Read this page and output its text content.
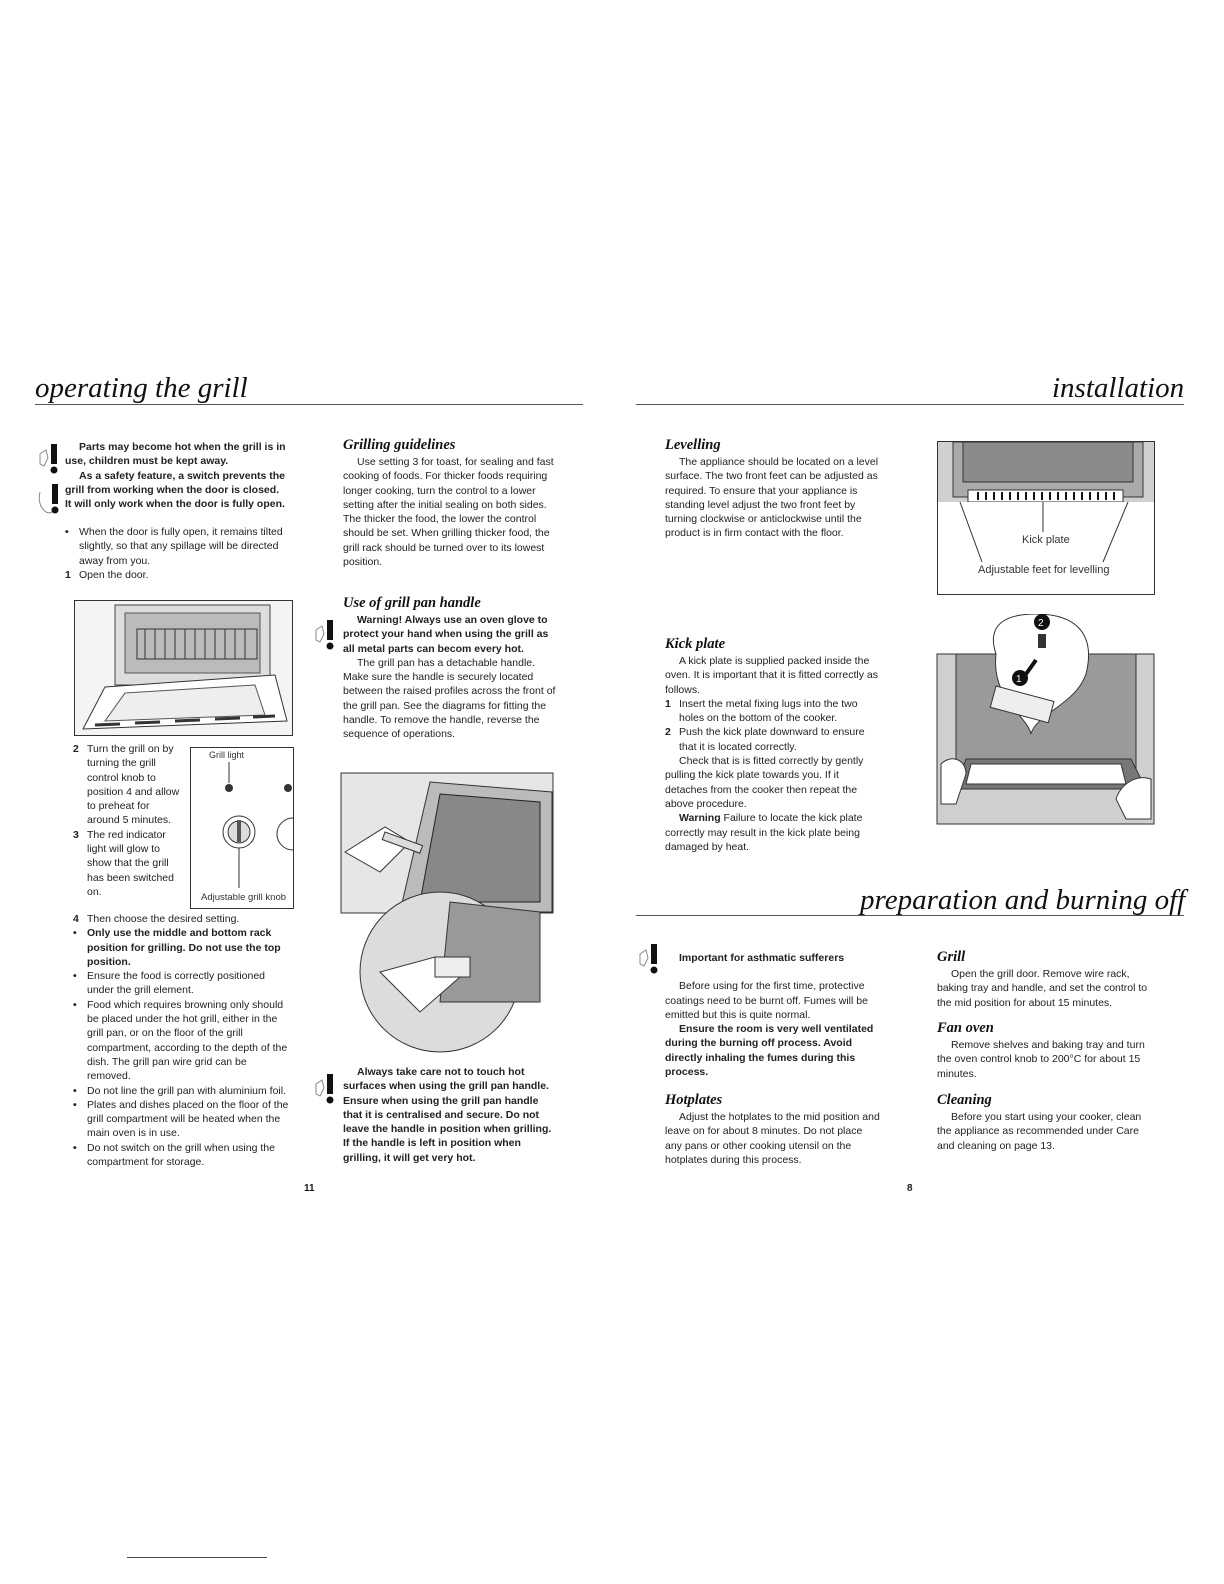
operating the grill

Parts may become hot when the grill is in use, children must be kept away.

As a safety feature, a switch prevents the grill from working when the door is closed.

It will only work when the door is fully open.

• When the door is fully open, it remains tilted slightly, so that any spillage will be directed away from you.
1 Open the door.
2 Turn the grill on by turning the grill control knob to position 4 and allow to preheat for around 5 minutes.
3 The red indicator light will glow to show that the grill has been switched on.
Grill light
Adjustable grill knob
4 Then choose the desired setting.
• Only use the middle and bottom rack position for grilling. Do not use the top position.
• Ensure the food is correctly positioned under the grill element.
• Food which requires browning only should be placed under the hot grill, either in the grill pan, or on the floor of the grill compartment, according to the depth of the dish. The grill pan wire grid can be removed.
• Do not line the grill pan with aluminium foil.
• Plates and dishes placed on the floor of the grill compartment will be heated when the main oven is in use.
• Do not switch on the grill when using the compartment for storage.
11
Grilling guidelines

Use setting 3 for toast, for sealing and fast cooking of foods. For thicker foods requiring longer cooking, turn the control to a lower setting after the initial sealing on both sides. The thicker the food, the lower the control should be set. When grilling thicker food, the grill rack should be turned over to its lowest position.

Use of grill pan handle

Warning! Always use an oven glove to protect your hand when using the grill as all metal parts can becom every hot.

The grill pan has a detachable handle. Make sure the handle is securely located between the raised profiles across the front of the grill pan. See the diagrams for fitting the handle. To remove the handle, reverse the sequence of operations.

Always take care not to touch hot surfaces when using the grill pan handle. Ensure when using the grill pan handle that it is centralised and secure. Do not leave the handle in position when grilling. If the handle is left in position when grilling, it will get very hot.

installation
Levelling

The appliance should be located on a level surface. The two front feet can be adjusted as required. To ensure that your appliance is standing level adjust the two front feet by turning clockwise or anticlockwise until the product is in firm contact with the floor.

Kick plate
Adjustable feet for levelling
Kick plate

A kick plate is supplied packed inside the oven. It is important that it is fitted correctly as follows.

1 Insert the metal fixing lugs into the two holes on the bottom of the cooker.
2 Push the kick plate downward to ensure that it is located correctly.

Check that is is fitted correctly by gently pulling the kick plate towards you. If it detaches from the cooker then repeat the above procedure.

Warning Failure to locate the kick plate correctly may result in the kick plate being damaged by heat.

2
1
preparation and burning off

Important for asthmatic sufferers

Before using for the first time, protective coatings need to be burnt off. Fumes will be emitted but this is quite normal.

Ensure the room is very well ventilated during the burning off process. Avoid directly inhaling the fumes during this process.

Hotplates

Adjust the hotplates to the mid position and leave on for about 8 minutes. Do not place any pans or other cooking utensil on the hotplates during this process.

Grill

Open the grill door. Remove wire rack, baking tray and handle, and set the control to the mid position for about 15 minutes.

Fan oven

Remove shelves and baking tray and turn the oven control knob to 200°C for about 15 minutes.

Cleaning

Before you start using your cooker, clean the appliance as recommended under Care and cleaning on page 13.

8
